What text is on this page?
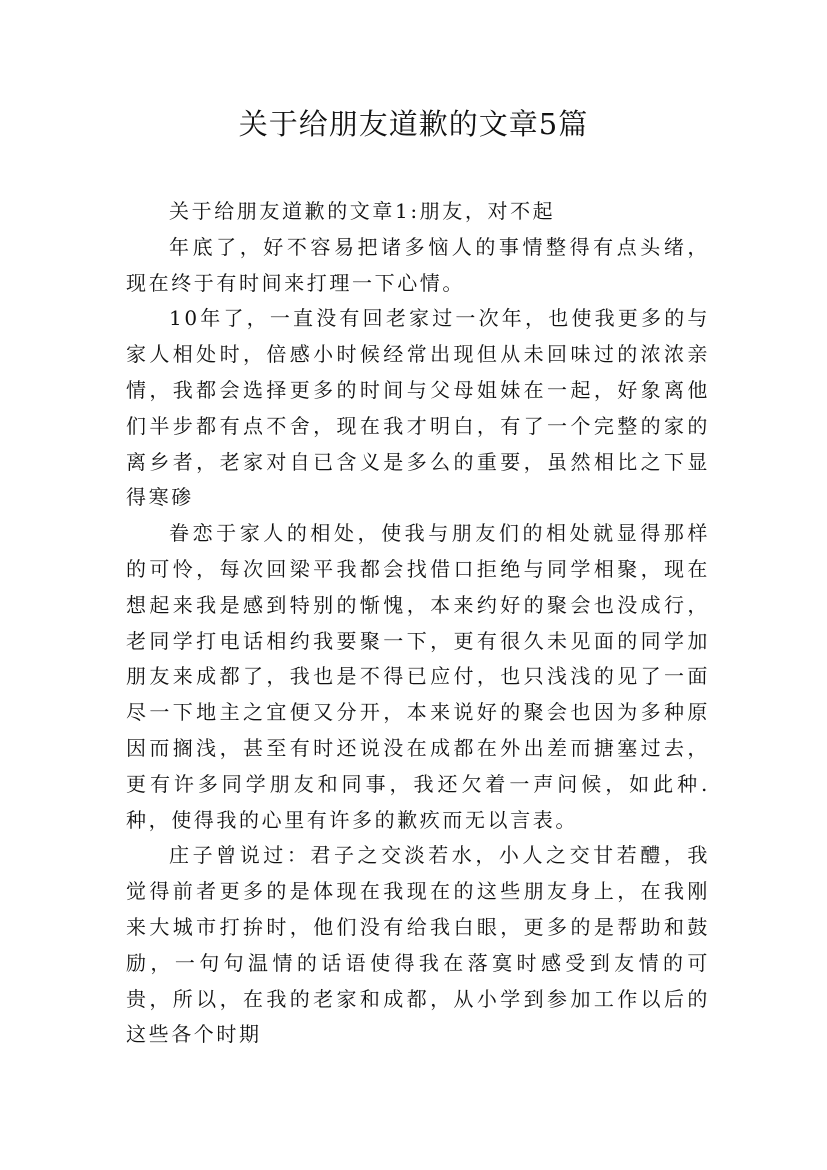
关于给朋友道歉的文章5篇

关于给朋友道歉的文章1:朋友，对不起

年底了，好不容易把诸多恼人的事情整得有点头绪，现在终于有时间来打理一下心情。

10年了，一直没有回老家过一次年，也使我更多的与家人相处时，倍感小时候经常出现但从未回味过的浓浓亲情，我都会选择更多的时间与父母姐妹在一起，好象离他们半步都有点不舍，现在我才明白，有了一个完整的家的离乡者，老家对自已含义是多么的重要，虽然相比之下显得寒碜

眷恋于家人的相处，使我与朋友们的相处就显得那样的可怜，每次回梁平我都会找借口拒绝与同学相聚，现在想起来我是感到特别的惭愧，本来约好的聚会也没成行，老同学打电话相约我要聚一下，更有很久未见面的同学加朋友来成都了，我也是不得已应付，也只浅浅的见了一面尽一下地主之宜便又分开，本来说好的聚会也因为多种原因而搁浅，甚至有时还说没在成都在外出差而搪塞过去，更有许多同学朋友和同事，我还欠着一声问候，如此种.种，使得我的心里有许多的歉疚而无以言表。

庄子曾说过：君子之交淡若水，小人之交甘若醴，我觉得前者更多的是体现在我现在的这些朋友身上，在我刚来大城市打拚时，他们没有给我白眼，更多的是帮助和鼓励，一句句温情的话语使得我在落寞时感受到友情的可贵，所以，在我的老家和成都，从小学到参加工作以后的这些各个时期
